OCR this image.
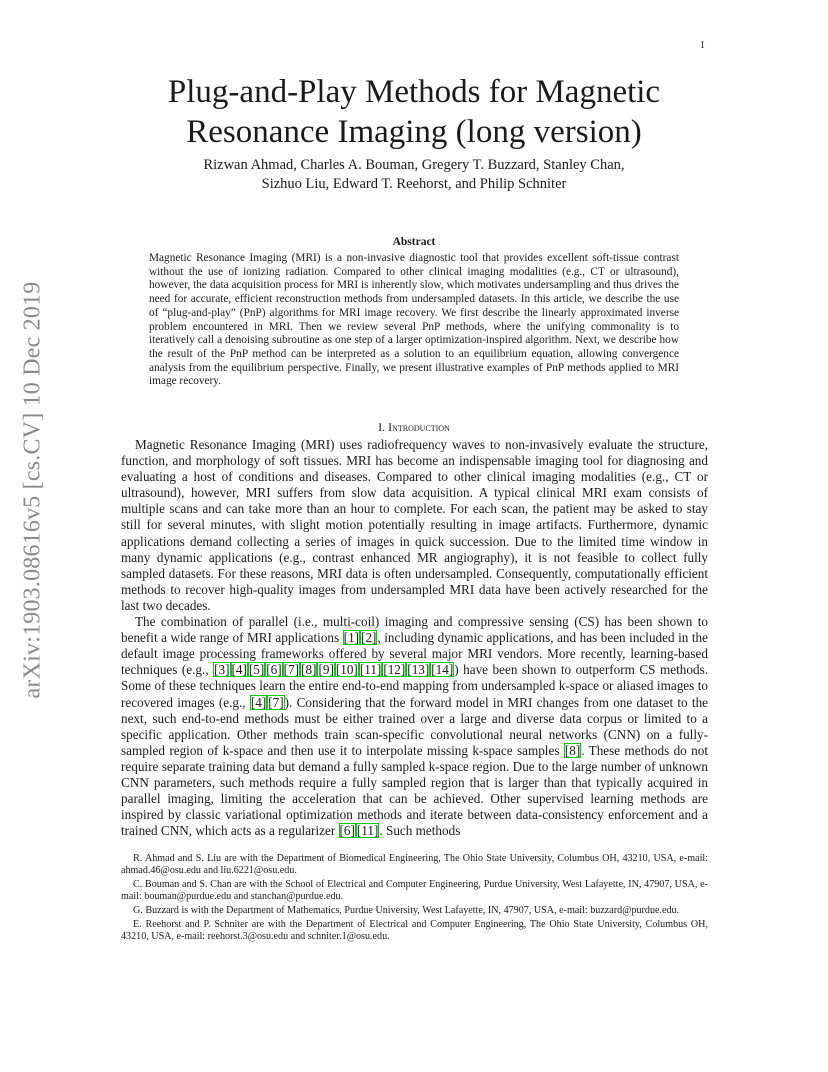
1
arXiv:1903.08616v5 [cs.CV] 10 Dec 2019
Plug-and-Play Methods for Magnetic
Resonance Imaging (long version)
Rizwan Ahmad, Charles A. Bouman, Gregery T. Buzzard, Stanley Chan,
Sizhuo Liu, Edward T. Reehorst, and Philip Schniter
Abstract

Magnetic Resonance Imaging (MRI) is a non-invasive diagnostic tool that provides excellent soft-tissue contrast without the use of ionizing radiation. Compared to other clinical imaging modalities (e.g., CT or ultrasound), however, the data acquisition process for MRI is inherently slow, which motivates undersampling and thus drives the need for accurate, efficient reconstruction methods from undersampled datasets. In this article, we describe the use of “plug-and-play” (PnP) algorithms for MRI image recovery. We first describe the linearly approximated inverse problem encountered in MRI. Then we review several PnP methods, where the unifying commonality is to iteratively call a denoising subroutine as one step of a larger optimization-inspired algorithm. Next, we describe how the result of the PnP method can be interpreted as a solution to an equilibrium equation, allowing convergence analysis from the equilibrium perspective. Finally, we present illustrative examples of PnP methods applied to MRI image recovery.

I. Introduction

Magnetic Resonance Imaging (MRI) uses radiofrequency waves to non-invasively evaluate the structure, function, and morphology of soft tissues. MRI has become an indispensable imaging tool for diagnosing and evaluating a host of conditions and diseases. Compared to other clinical imaging modalities (e.g., CT or ultrasound), however, MRI suffers from slow data acquisition. A typical clinical MRI exam consists of multiple scans and can take more than an hour to complete. For each scan, the patient may be asked to stay still for several minutes, with slight motion potentially resulting in image artifacts. Furthermore, dynamic applications demand collecting a series of images in quick succession. Due to the limited time window in many dynamic applications (e.g., contrast enhanced MR angiography), it is not feasible to collect fully sampled datasets. For these reasons, MRI data is often undersampled. Consequently, computationally efficient methods to recover high-quality images from undersampled MRI data have been actively researched for the last two decades.

The combination of parallel (i.e., multi-coil) imaging and compressive sensing (CS) has been shown to benefit a wide range of MRI applications [1] [2], including dynamic applications, and has been included in the default image processing frameworks offered by several major MRI vendors. More recently, learning-based techniques (e.g., [3] [4] [5] [6] [7] [8] [9] [10] [11] [12] [13] [14]) have been shown to outperform CS methods. Some of these techniques learn the entire end-to-end mapping from undersampled k-space or aliased images to recovered images (e.g., [4] [7]). Considering that the forward model in MRI changes from one dataset to the next, such end-to-end methods must be either trained over a large and diverse data corpus or limited to a specific application. Other methods train scan-specific convolutional neural networks (CNN) on a fully-sampled region of k-space and then use it to interpolate missing k-space samples [8]. These methods do not require separate training data but demand a fully sampled k-space region. Due to the large number of unknown CNN parameters, such methods require a fully sampled region that is larger than that typically acquired in parallel imaging, limiting the acceleration that can be achieved. Other supervised learning methods are inspired by classic variational optimization methods and iterate between data-consistency enforcement and a trained CNN, which acts as a regularizer [6] [11]. Such methods

R. Ahmad and S. Liu are with the Department of Biomedical Engineering, The Ohio State University, Columbus OH, 43210, USA, e-mail: ahmad.46@osu.edu and liu.6221@osu.edu.

C. Bouman and S. Chan are with the School of Electrical and Computer Engineering, Purdue University, West Lafayette, IN, 47907, USA, e-mail: bouman@purdue.edu and stanchan@purdue.edu.

G. Buzzard is with the Department of Mathematics, Purdue University, West Lafayette, IN, 47907, USA, e-mail: buzzard@purdue.edu.

E. Reehorst and P. Schniter are with the Department of Electrical and Computer Engineering, The Ohio State University, Columbus OH, 43210, USA, e-mail: reehorst.3@osu.edu and schniter.1@osu.edu.
